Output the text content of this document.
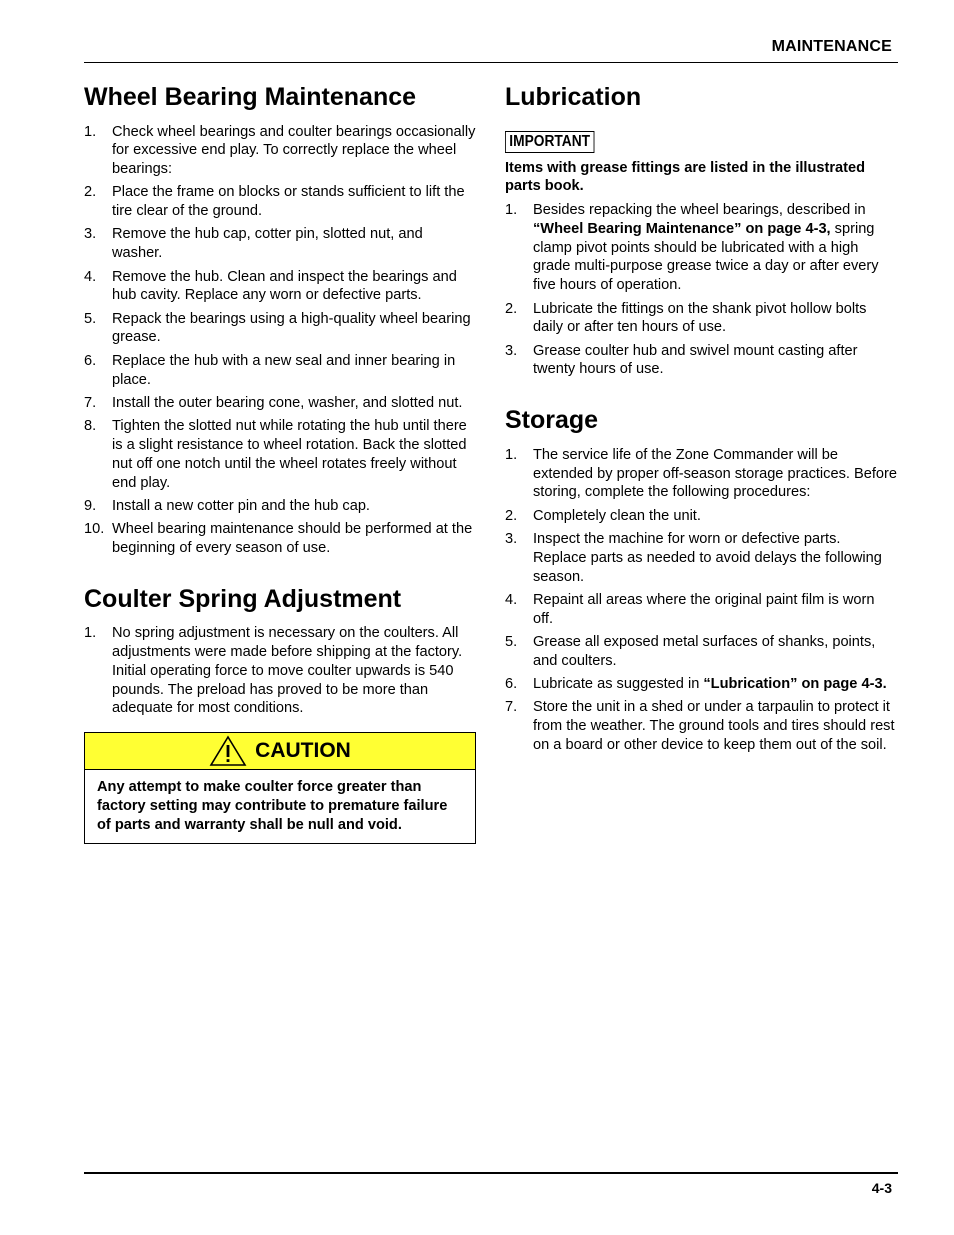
MAINTENANCE
Wheel Bearing Maintenance
1. Check wheel bearings and coulter bearings occasionally for excessive end play. To correctly replace the wheel bearings:
2. Place the frame on blocks or stands sufficient to lift the tire clear of the ground.
3. Remove the hub cap, cotter pin, slotted nut, and washer.
4. Remove the hub. Clean and inspect the bearings and hub cavity. Replace any worn or defective parts.
5. Repack the bearings using a high-quality wheel bearing grease.
6. Replace the hub with a new seal and inner bearing in place.
7. Install the outer bearing cone, washer, and slotted nut.
8. Tighten the slotted nut while rotating the hub until there is a slight resistance to wheel rotation. Back the slotted nut off one notch until the wheel rotates freely without end play.
9. Install a new cotter pin and the hub cap.
10. Wheel bearing maintenance should be performed at the beginning of every season of use.
Coulter Spring Adjustment
1. No spring adjustment is necessary on the coulters. All adjustments were made before shipping at the factory. Initial operating force to move coulter upwards is 540 pounds. The preload has proved to be more than adequate for most conditions.
CAUTION
Any attempt to make coulter force greater than factory setting may contribute to premature failure of parts and warranty shall be null and void.
Lubrication
IMPORTANT

Items with grease fittings are listed in the illustrated parts book.

1. Besides repacking the wheel bearings, described in “Wheel Bearing Maintenance” on page 4-3, spring clamp pivot points should be lubricated with a high grade multi-purpose grease twice a day or after every five hours of operation.
2. Lubricate the fittings on the shank pivot hollow bolts daily or after ten hours of use.
3. Grease coulter hub and swivel mount casting after twenty hours of use.
Storage
1. The service life of the Zone Commander will be extended by proper off-season storage practices. Before storing, complete the following procedures:
2. Completely clean the unit.
3. Inspect the machine for worn or defective parts. Replace parts as needed to avoid delays the following season.
4. Repaint all areas where the original paint film is worn off.
5. Grease all exposed metal surfaces of shanks, points, and coulters.
6. Lubricate as suggested in “Lubrication” on page 4-3.
7. Store the unit in a shed or under a tarpaulin to protect it from the weather. The ground tools and tires should rest on a board or other device to keep them out of the soil.
4-3
